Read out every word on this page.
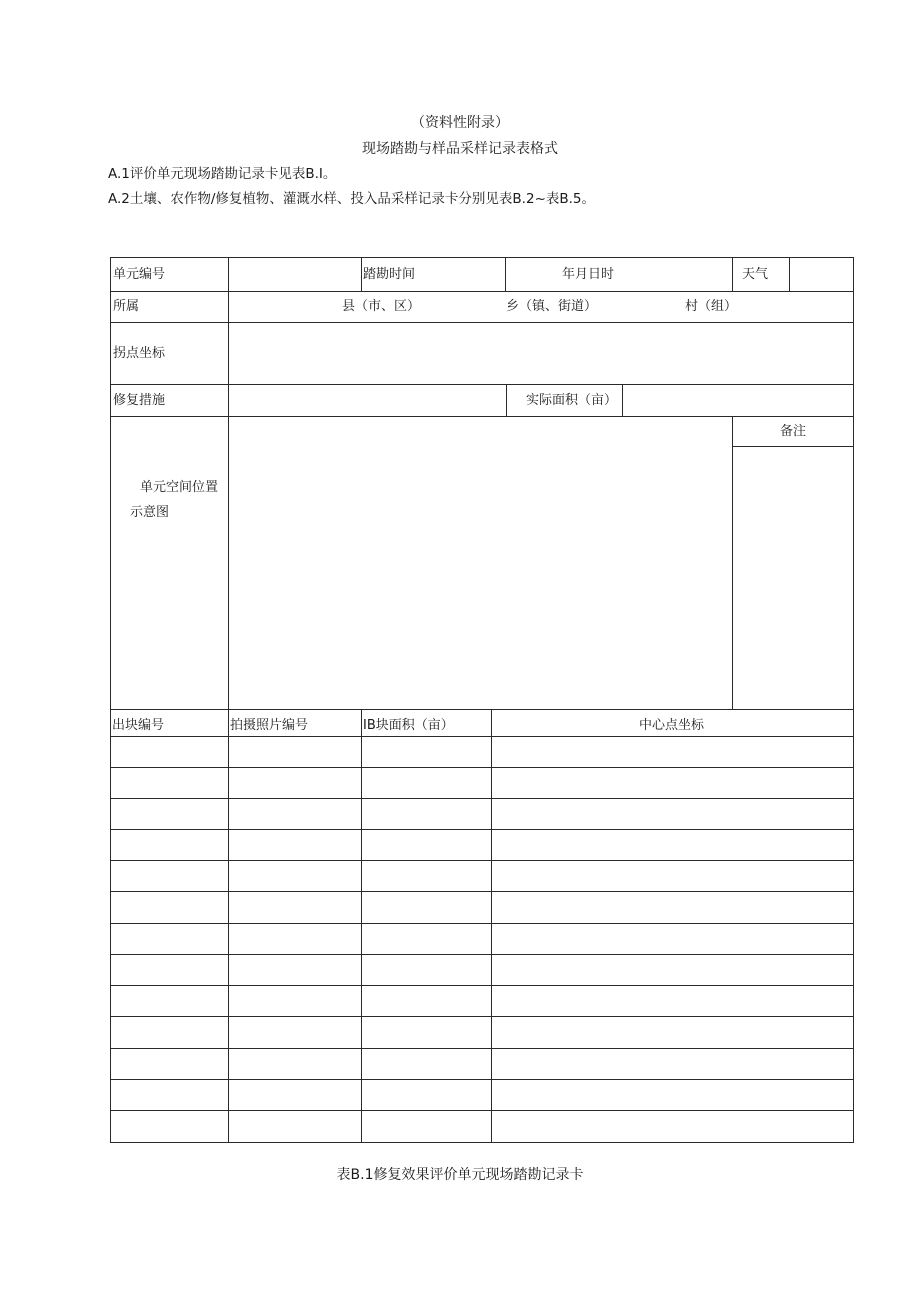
（资料性附录）
现场踏勘与样品采样记录表格式
A.1评价单元现场踏勘记录卡见表B.I。
A.2土壤、农作物/修复植物、灌溉水样、投入品采样记录卡分别见表B.2~表B.5。
单元编号	踏勘时间	年月日时	天气
所属	县（市、区）	乡（镇、街道）	村（组）
拐点坐标
修复措施	实际面积（亩）
备注
单元空间位置
示意图
出块编号	拍摄照片编号	IB块面积（亩）	中心点坐标
表B.1修复效果评价单元现场踏勘记录卡
